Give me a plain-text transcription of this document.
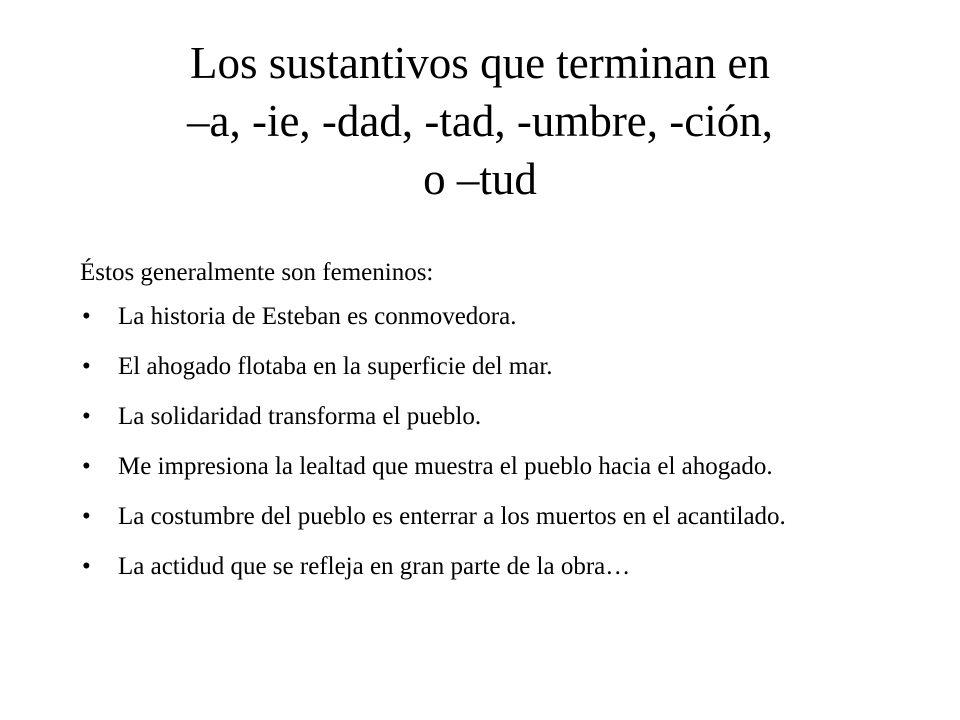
Los sustantivos que terminan en
–a, -ie, -dad, -tad, -umbre, -ción,
o –tud

Éstos generalmente son femeninos:

• La historia de Esteban es conmovedora.
• El ahogado flotaba en la superficie del mar.
• La solidaridad transforma el pueblo.
• Me impresiona la lealtad que muestra el pueblo hacia el ahogado.
• La costumbre del pueblo es enterrar a los muertos en el acantilado.
• La actidud que se refleja en gran parte de la obra…
